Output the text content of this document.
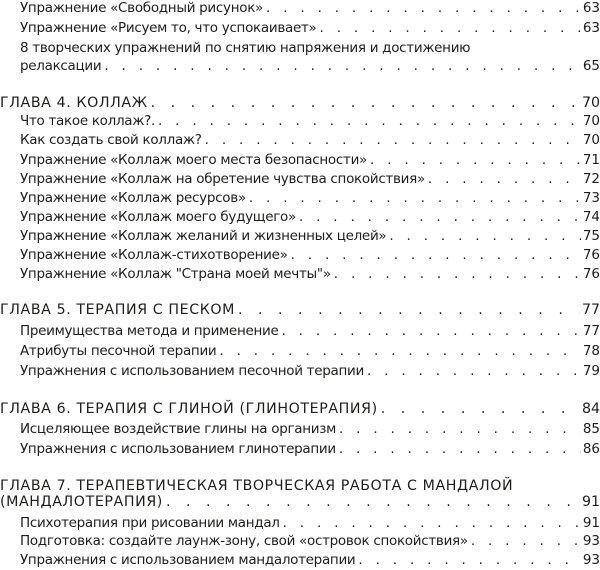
Упражнение «Свободный рисунок» . . .	63
Упражнение «Рисуем то, что успокаивает» . . .	63
8 творческих упражнений по снятию напряжения и достижению
релаксации . . .	65
ГЛАВА 4. КОЛЛАЖ . . .	70
Что такое коллаж?. . . .	70
Как создать свой коллаж? . . .	70
Упражнение «Коллаж моего места безопасности» . . .	71
Упражнение «Коллаж на обретение чувства спокойствия» . . .	72
Упражнение «Коллаж ресурсов» . . .	73
Упражнение «Коллаж моего будущего» . . .	74
Упражнение «Коллаж желаний и жизненных целей» . . .	75
Упражнение «Коллаж-стихотворение» . . .	76
Упражнение «Коллаж "Страна моей мечты"» . . .	76
ГЛАВА 5. ТЕРАПИЯ С ПЕСКОМ . . .	77
Преимущества метода и применение . . .	77
Атрибуты песочной терапии . . .	78
Упражнения с использованием песочной терапии . . .	79
ГЛАВА 6. ТЕРАПИЯ С ГЛИНОЙ (ГЛИНОТЕРАПИЯ) . . .	84
Исцеляющее воздействие глины на организм . . .	85
Упражнения с использованием глинотерапии . . .	86
ГЛАВА 7. ТЕРАПЕВТИЧЕСКАЯ ТВОРЧЕСКАЯ РАБОТА С МАНДАЛОЙ
(МАНДАЛОТЕРАПИЯ) . . .	91
Психотерапия при рисовании мандал . . .	91
Подготовка: создайте лаунж-зону, свой «островок спокойствия» . . .	93
Упражнения с использованием мандалотерапии . . .	93
